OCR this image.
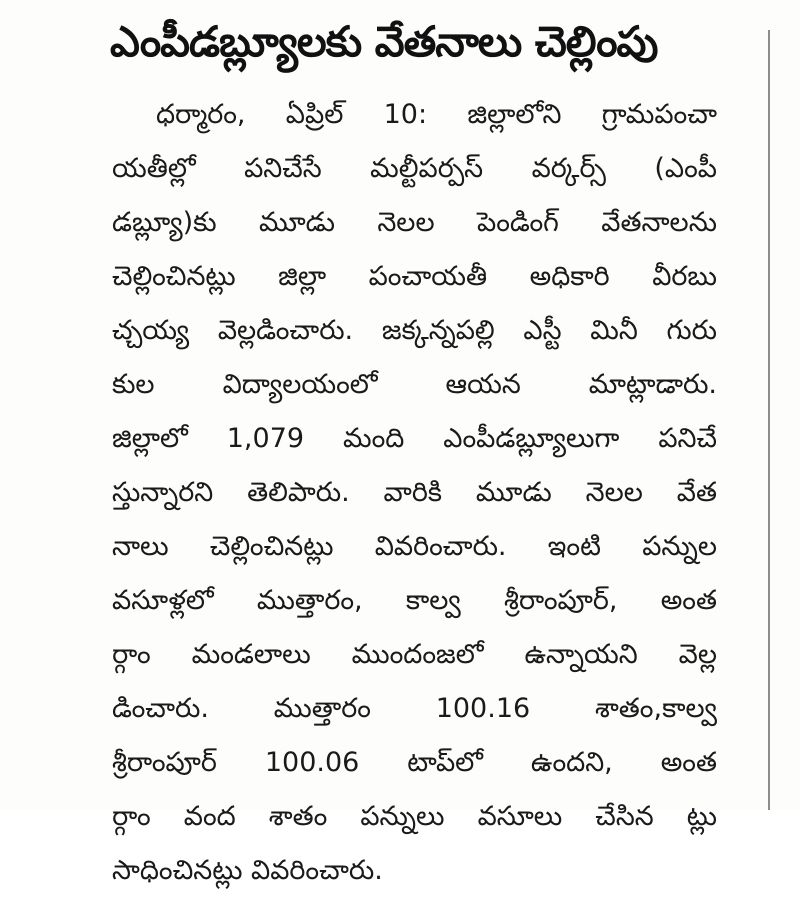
ఎంపీడబ్ల్యూలకు వేతనాలు చెల్లింపు
ధర్మారం, ఏప్రిల్ 10: జిల్లాలోని గ్రామపంచా
యతీల్లో పనిచేసే మల్టీపర్పస్ వర్కర్స్ (ఎంపీ
డబ్ల్యూ)కు మూడు నెలల పెండింగ్ వేతనాలను
చెల్లించినట్లు జిల్లా పంచాయతీ అధికారి వీరబు
చ్చయ్య వెల్లడించారు. జక్కన్నపల్లి ఎస్టీ మినీ గురు
కుల విద్యాలయంలో ఆయన మాట్లాడారు.
జిల్లాలో 1,079 మంది ఎంపీడబ్ల్యూలుగా పనిచే
స్తున్నారని తెలిపారు. వారికి మూడు నెలల వేత
నాలు చెల్లించినట్లు వివరించారు. ఇంటి పన్నుల
వసూళ్లలో ముత్తారం, కాల్వ శ్రీరాంపూర్, అంత
ర్గాం మండలాలు ముందంజలో ఉన్నాయని వెల్ల
డించారు. ముత్తారం 100.16 శాతం,కాల్వ
శ్రీరాంపూర్ 100.06 టాప్‌లో ఉందని, అంత
ర్గాం వంద శాతం పన్నులు వసూలు చేసిన ట్లు
సాధించినట్లు వివరించారు.
